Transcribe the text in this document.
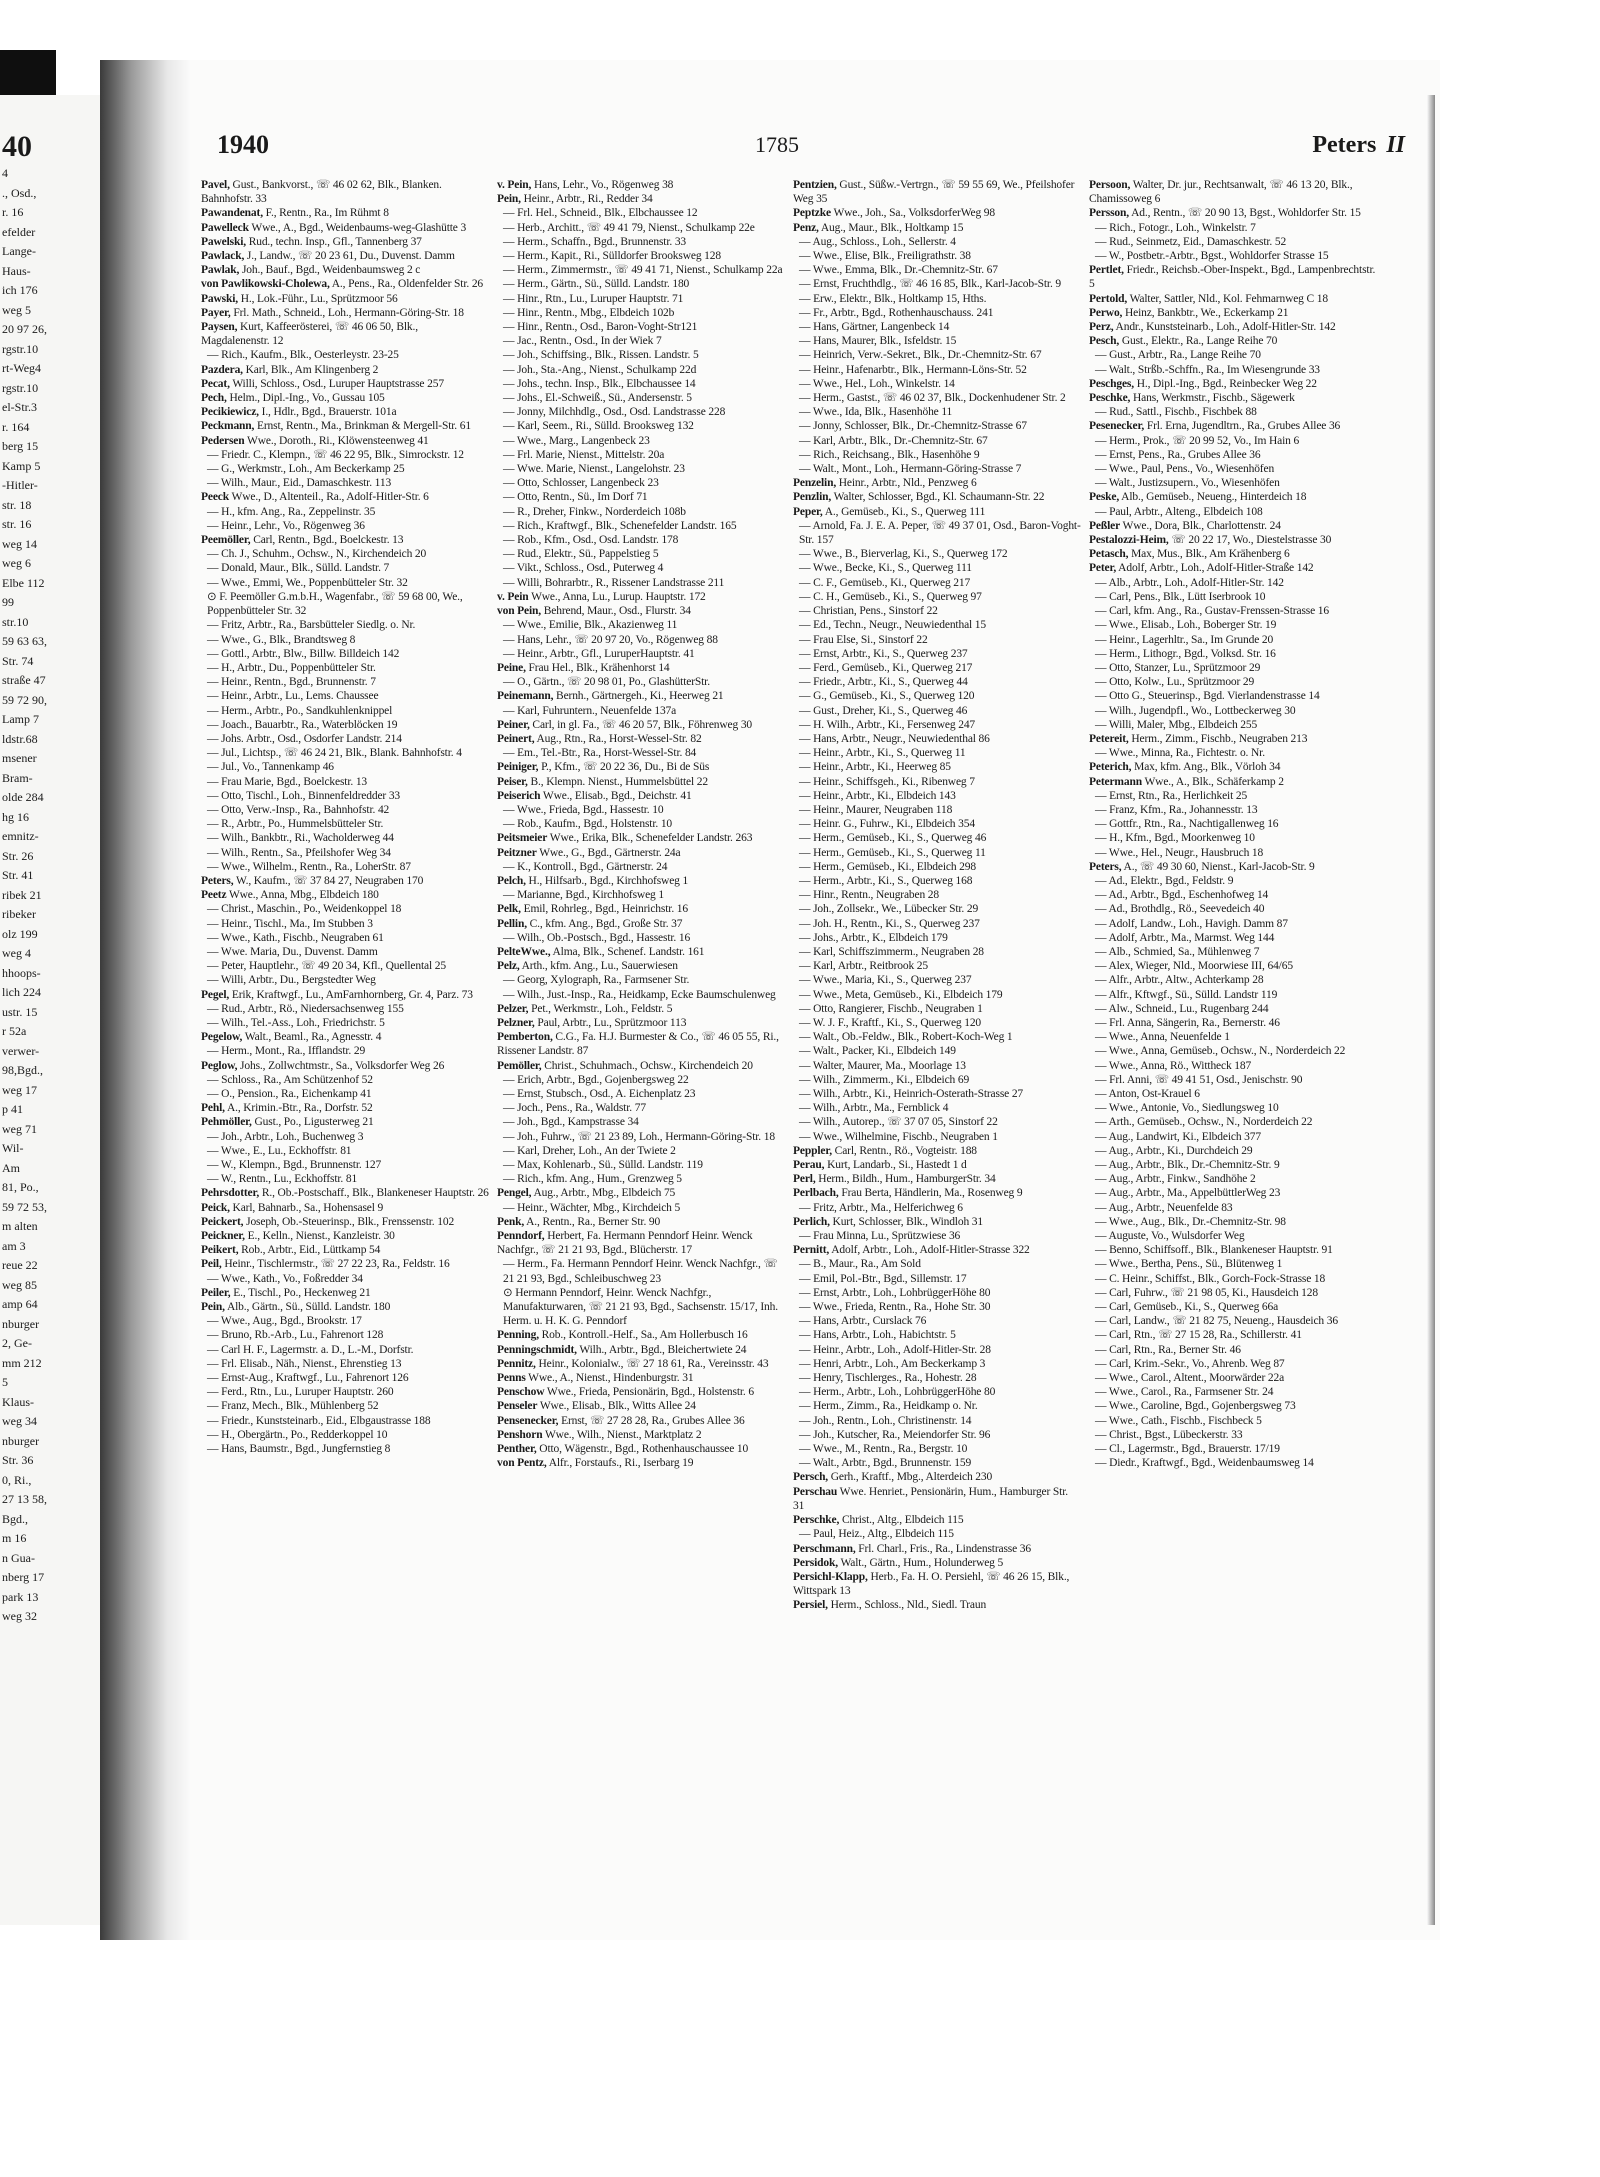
40
4
., Osd.,
r. 16
efelder
Lange-
Haus-
ich 176
weg 5
20 97 26,
rgstr.10
rt-Weg4
rgstr.10
el-Str.3
r. 164
berg 15
Kamp 5
-Hitler-
str. 18
str. 16
weg 14
weg 6
Elbe 112
99
str.10
59 63 63,
Str. 74
straße 47
59 72 90,
Lamp 7
ldstr.68
msener
Bram-
olde 284
hg 16
emnitz-
Str. 26
Str. 41
ribek 21
ribeker
olz 199
weg 4
hhoops-
lich 224
ustr. 15
r 52a
verwer-
98,Bgd.,
weg 17
p 41
weg 71
Wil-
Am
81, Po.,
59 72 53,
m alten
am 3
reue 22
weg 85
amp 64
nburger
2, Ge-
mm 212
5
Klaus-
weg 34
nburger
Str. 36
0, Ri.,
27 13 58,
Bgd.,
m 16
n Gua-
nberg 17
park 13
weg 32
1940	1785	Peters II
Pavel, Gust., Bankvorst., ☏ 46 02 62, Blk., Blanken. Bahnhofstr. 33
Pawandenat, F., Rentn., Ra., Im Rühmt 8
Pawelleck Wwe., A., Bgd., Weidenbaums-weg-Glashütte 3
Pawelski, Rud., techn. Insp., Gfl., Tannenberg 37
Pawlack, J., Landw., ☏ 20 23 61, Du., Duvenst. Damm
Pawlak, Joh., Bauf., Bgd., Weidenbaumsweg 2 c
von Pawlikowski-Cholewa, A., Pens., Ra., Oldenfelder Str. 26
Pawski, H., Lok.-Führ., Lu., Sprützmoor 56
Payer, Frl. Math., Schneid., Loh., Hermann-Göring-Str. 18
Paysen, Kurt, Kaffeerösterei, ☏ 46 06 50, Blk., Magdalenenstr. 12
— Rich., Kaufm., Blk., Oesterleystr. 23-25
Pazdera, Karl, Blk., Am Klingenberg 2
Pecat, Willi, Schloss., Osd., Luruper Hauptstrasse 257
Pech, Helm., Dipl.-Ing., Vo., Gussau 105
Pecikiewicz, I., Hdlr., Bgd., Brauerstr. 101a
Peckmann, Ernst, Rentn., Ma., Brinkman & Mergell-Str. 61
Pedersen Wwe., Doroth., Ri., Klöwensteenweg 41
— Friedr. C., Klempn., ☏ 46 22 95, Blk., Simrockstr. 12
— G., Werkmstr., Loh., Am Beckerkamp 25
— Wilh., Maur., Eid., Damaschkestr. 113
Peeck Wwe., D., Altenteil., Ra., Adolf-Hitler-Str. 6
— H., kfm. Ang., Ra., Zeppelinstr. 35
— Heinr., Lehr., Vo., Rögenweg 36
Peemöller, Carl, Rentn., Bgd., Boelckestr. 13
— Ch. J., Schuhm., Ochsw., N., Kirchendeich 20
— Donald, Maur., Blk., Sülld. Landstr. 7
— Wwe., Emmi, We., Poppenbütteler Str. 32
⊙ F. Peemöller G.m.b.H., Wagenfabr., ☏ 59 68 00, We., Poppenbütteler Str. 32
— Fritz, Arbtr., Ra., Barsbütteler Siedlg. o. Nr.
— Wwe., G., Blk., Brandtsweg 8
— Gottl., Arbtr., Blw., Billw. Billdeich 142
— H., Arbtr., Du., Poppenbütteler Str.
— Heinr., Rentn., Bgd., Brunnenstr. 7
— Heinr., Arbtr., Lu., Lems. Chaussee
— Herm., Arbtr., Po., Sandkuhlenknippel
— Joach., Bauarbtr., Ra., Waterblöcken 19
— Johs. Arbtr., Osd., Osdorfer Landstr. 214
— Jul., Lichtsp., ☏ 46 24 21, Blk., Blank. Bahnhofstr. 4
— Jul., Vo., Tannenkamp 46
— Frau Marie, Bgd., Boelckestr. 13
— Otto, Tischl., Loh., Binnenfeldredder 33
— Otto, Verw.-Insp., Ra., Bahnhofstr. 42
— R., Arbtr., Po., Hummelsbütteler Str.
— Wilh., Bankbtr., Ri., Wacholderweg 44
— Wilh., Rentn., Sa., Pfeilshofer Weg 34
— Wwe., Wilhelm., Rentn., Ra., LoherStr. 87
Peters, W., Kaufm., ☏ 37 84 27, Neugraben 170
Peetz Wwe., Anna, Mbg., Elbdeich 180
— Christ., Maschin., Po., Weidenkoppel 18
— Heinr., Tischl., Ma., Im Stubben 3
— Wwe., Kath., Fischb., Neugraben 61
— Wwe. Maria, Du., Duvenst. Damm
— Peter, Hauptlehr., ☏ 49 20 34, Kfl., Quellental 25
— Willi, Arbtr., Du., Bergstedter Weg
Pegel, Erik, Kraftwgf., Lu., AmFarnhornberg, Gr. 4, Parz. 73
— Rud., Arbtr., Rö., Niedersachsenweg 155
— Wilh., Tel.-Ass., Loh., Friedrichstr. 5
Pegelow, Walt., Beaml., Ra., Agnesstr. 4
— Herm., Mont., Ra., Ifflandstr. 29
Peglow, Johs., Zollwchtmstr., Sa., Volksdorfer Weg 26
— Schloss., Ra., Am Schützenhof 52
— O., Pension., Ra., Eichenkamp 41
Pehl, A., Krimin.-Btr., Ra., Dorfstr. 52
Pehmöller, Gust., Po., Ligusterweg 21
— Joh., Arbtr., Loh., Buchenweg 3
— Wwe., E., Lu., Eckhoffstr. 81
— W., Klempn., Bgd., Brunnenstr. 127
— W., Rentn., Lu., Eckhoffstr. 81
Pehrsdotter, R., Ob.-Postschaff., Blk., Blankeneser Hauptstr. 26
Peick, Karl, Bahnarb., Sa., Hohensasel 9
Peickert, Joseph, Ob.-Steuerinsp., Blk., Frenssenstr. 102
Peickner, E., Kelln., Nienst., Kanzleistr. 30
Peikert, Rob., Arbtr., Eid., Lüttkamp 54
Peil, Heinr., Tischlermstr., ☏ 27 22 23, Ra., Feldstr. 16
— Wwe., Kath., Vo., Foßredder 34
Peiler, E., Tischl., Po., Heckenweg 21
Pein, Alb., Gärtn., Sü., Sülld. Landstr. 180
— Wwe., Aug., Bgd., Brookstr. 17
— Bruno, Rb.-Arb., Lu., Fahrenort 128
— Carl H. F., Lagermstr. a. D., L.-M., Dorfstr.
— Frl. Elisab., Näh., Nienst., Ehrenstieg 13
— Ernst-Aug., Kraftwgf., Lu., Fahrenort 126
— Ferd., Rtn., Lu., Luruper Hauptstr. 260
— Franz, Mech., Blk., Mühlenberg 52
— Friedr., Kunststeinarb., Eid., Elbgaustrasse 188
— H., Obergärtn., Po., Redderkoppel 10
— Hans, Baumstr., Bgd., Jungfernstieg 8
v. Pein, Hans, Lehr., Vo., Rögenweg 38
Pein, Heinr., Arbtr., Ri., Redder 34
— Frl. Hel., Schneid., Blk., Elbchaussee 12
— Herb., Architt., ☏ 49 41 79, Nienst., Schulkamp 22e
— Herm., Schaffn., Bgd., Brunnenstr. 33
— Herm., Kapit., Ri., Sülldorfer Brooksweg 128
— Herm., Zimmermstr., ☏ 49 41 71, Nienst., Schulkamp 22a
— Herm., Gärtn., Sü., Sülld. Landstr. 180
— Hinr., Rtn., Lu., Luruper Hauptstr. 71
— Hinr., Rentn., Mbg., Elbdeich 102b
— Hinr., Rentn., Osd., Baron-Voght-Str121
— Jac., Rentn., Osd., In der Wiek 7
— Joh., Schiffsing., Blk., Rissen. Landstr. 5
— Joh., Sta.-Ang., Nienst., Schulkamp 22d
— Johs., techn. Insp., Blk., Elbchaussee 14
— Johs., El.-Schweiß., Sü., Andersenstr. 5
— Jonny, Milchhdlg., Osd., Osd. Landstrasse 228
— Karl, Seem., Ri., Sülld. Brooksweg 132
— Wwe., Marg., Langenbeck 23
— Frl. Marie, Nienst., Mittelstr. 20a
— Wwe. Marie, Nienst., Langelohstr. 23
— Otto, Schlosser, Langenbeck 23
— Otto, Rentn., Sü., Im Dorf 71
— R., Dreher, Finkw., Norderdeich 108b
— Rich., Kraftwgf., Blk., Schenefelder Landstr. 165
— Rob., Kfm., Osd., Osd. Landstr. 178
— Rud., Elektr., Sü., Pappelstieg 5
— Vikt., Schloss., Osd., Puterweg 4
— Willi, Bohrarbtr., R., Rissener Landstrasse 211
v. Pein Wwe., Anna, Lu., Lurup. Hauptstr. 172
von Pein, Behrend, Maur., Osd., Flurstr. 34
— Wwe., Emilie, Blk., Akazienweg 11
— Hans, Lehr., ☏ 20 97 20, Vo., Rögenweg 88
— Heinr., Arbtr., Gfl., LuruperHauptstr. 41
Peine, Frau Hel., Blk., Krähenhorst 14
— O., Gärtn., ☏ 20 98 01, Po., GlashütterStr.
Peinemann, Bernh., Gärtnergeh., Ki., Heerweg 21
— Karl, Fuhruntern., Neuenfelde 137a
Peiner, Carl, in gl. Fa., ☏ 46 20 57, Blk., Föhrenweg 30
Peinert, Aug., Rtn., Ra., Horst-Wessel-Str. 82
— Em., Tel.-Btr., Ra., Horst-Wessel-Str. 84
Peiniger, P., Kfm., ☏ 20 22 36, Du., Bi de Süs
Peiser, B., Klempn. Nienst., Hummelsbüttel 22
Peiserich Wwe., Elisab., Bgd., Deichstr. 41
— Wwe., Frieda, Bgd., Hassestr. 10
— Rob., Kaufm., Bgd., Holstenstr. 10
Peitsmeier Wwe., Erika, Blk., Schenefelder Landstr. 263
Peitzner Wwe., G., Bgd., Gärtnerstr. 24a
— K., Kontroll., Bgd., Gärtnerstr. 24
Pelch, H., Hilfsarb., Bgd., Kirchhofsweg 1
— Marianne, Bgd., Kirchhofsweg 1
Pelk, Emil, Rohrleg., Bgd., Heinrichstr. 16
Pellin, C., kfm. Ang., Bgd., Große Str. 37
— Wilh., Ob.-Postsch., Bgd., Hassestr. 16
PelteWwe., Alma, Blk., Schenef. Landstr. 161
Pelz, Arth., kfm. Ang., Lu., Sauerwiesen
— Georg, Xylograph, Ra., Farmsener Str.
— Wilh., Just.-Insp., Ra., Heidkamp, Ecke Baumschulenweg
Pelzer, Pet., Werkmstr., Loh., Feldstr. 5
Pelzner, Paul, Arbtr., Lu., Sprützmoor 113
Pemberton, C.G., Fa. H.J. Burmester & Co., ☏ 46 05 55, Ri., Rissener Landstr. 87
Pemöller, Christ., Schuhmach., Ochsw., Kirchendeich 20
— Erich, Arbtr., Bgd., Gojenbergsweg 22
— Ernst, Stubsch., Osd., A. Eichenplatz 23
— Joch., Pens., Ra., Waldstr. 77
— Joh., Bgd., Kampstrasse 34
— Joh., Fuhrw., ☏ 21 23 89, Loh., Hermann-Göring-Str. 18
— Karl, Dreher, Loh., An der Twiete 2
— Max, Kohlenarb., Sü., Sülld. Landstr. 119
— Rich., kfm. Ang., Hum., Grenzweg 5
Pengel, Aug., Arbtr., Mbg., Elbdeich 75
— Heinr., Wächter, Mbg., Kirchdeich 5
Penk, A., Rentn., Ra., Berner Str. 90
Penndorf, Herbert, Fa. Hermann Penndorf Heinr. Wenck Nachfgr., ☏ 21 21 93, Bgd., Blücherstr. 17
— Herm., Fa. Hermann Penndorf Heinr. Wenck Nachfgr., ☏ 21 21 93, Bgd., Schleibuschweg 23
⊙ Hermann Penndorf, Heinr. Wenck Nachfgr., Manufakturwaren, ☏ 21 21 93, Bgd., Sachsenstr. 15/17, Inh. Herm. u. H. K. G. Penndorf
Penning, Rob., Kontroll.-Helf., Sa., Am Hollerbusch 16
Penningschmidt, Wilh., Arbtr., Bgd., Bleichertwiete 24
Pennitz, Heinr., Kolonialw., ☏ 27 18 61, Ra., Vereinsstr. 43
Penns Wwe., A., Nienst., Hindenburgstr. 31
Penschow Wwe., Frieda, Pensionärin, Bgd., Holstenstr. 6
Penseler Wwe., Elisab., Blk., Witts Allee 24
Pensenecker, Ernst, ☏ 27 28 28, Ra., Grubes Allee 36
Penshorn Wwe., Wilh., Nienst., Marktplatz 2
Penther, Otto, Wägenstr., Bgd., Rothenhauschaussee 10
von Pentz, Alfr., Forstaufs., Ri., Iserbarg 19
Pentzien, Gust., Süßw.-Vertrgn., ☏ 59 55 69, We., Pfeilshofer Weg 35
Peptzke Wwe., Joh., Sa., VolksdorferWeg 98
Penz, Aug., Maur., Blk., Holtkamp 15
— Aug., Schloss., Loh., Sellerstr. 4
— Wwe., Elise, Blk., Freiligrathstr. 38
— Wwe., Emma, Blk., Dr.-Chemnitz-Str. 67
— Ernst, Fruchthdlg., ☏ 46 16 85, Blk., Karl-Jacob-Str. 9
— Erw., Elektr., Blk., Holtkamp 15, Hths.
— Fr., Arbtr., Bgd., Rothenhauschauss. 241
— Hans, Gärtner, Langenbeck 14
— Hans, Maurer, Blk., Isfeldstr. 15
— Heinrich, Verw.-Sekret., Blk., Dr.-Chemnitz-Str. 67
— Heinr., Hafenarbtr., Blk., Hermann-Löns-Str. 52
— Wwe., Hel., Loh., Winkelstr. 14
— Herm., Gastst., ☏ 46 02 37, Blk., Dockenhudener Str. 2
— Wwe., Ida, Blk., Hasenhöhe 11
— Jonny, Schlosser, Blk., Dr.-Chemnitz-Strasse 67
— Karl, Arbtr., Blk., Dr.-Chemnitz-Str. 67
— Rich., Reichsang., Blk., Hasenhöhe 9
— Walt., Mont., Loh., Hermann-Göring-Strasse 7
Penzelin, Heinr., Arbtr., Nld., Penzweg 6
Penzlin, Walter, Schlosser, Bgd., Kl. Schaumann-Str. 22
Peper, A., Gemüseb., Ki., S., Querweg 111
— Arnold, Fa. J. E. A. Peper, ☏ 49 37 01, Osd., Baron-Voght-Str. 157
— Wwe., B., Bierverlag, Ki., S., Querweg 172
— Wwe., Becke, Ki., S., Querweg 111
— C. F., Gemüseb., Ki., Querweg 217
— C. H., Gemüseb., Ki., S., Querweg 97
— Christian, Pens., Sinstorf 22
— Ed., Techn., Neugr., Neuwiedenthal 15
— Frau Else, Si., Sinstorf 22
— Ernst, Arbtr., Ki., S., Querweg 237
— Ferd., Gemüseb., Ki., Querweg 217
— Friedr., Arbtr., Ki., S., Querweg 44
— G., Gemüseb., Ki., S., Querweg 120
— Gust., Dreher, Ki., S., Querweg 46
— H. Wilh., Arbtr., Ki., Fersenweg 247
— Hans, Arbtr., Neugr., Neuwiedenthal 86
— Heinr., Arbtr., Ki., S., Querweg 11
— Heinr., Arbtr., Ki., Heerweg 85
— Heinr., Schiffsgeh., Ki., Ribenweg 7
— Heinr., Arbtr., Ki., Elbdeich 143
— Heinr., Maurer, Neugraben 118
— Heinr. G., Fuhrw., Ki., Elbdeich 354
— Herm., Gemüseb., Ki., S., Querweg 46
— Herm., Gemüseb., Ki., S., Querweg 11
— Herm., Gemüseb., Ki., Elbdeich 298
— Herm., Arbtr., Ki., S., Querweg 168
— Hinr., Rentn., Neugraben 28
— Joh., Zollsekr., We., Lübecker Str. 29
— Joh. H., Rentn., Ki., S., Querweg 237
— Johs., Arbtr., K., Elbdeich 179
— Karl, Schiffszimmerm., Neugraben 28
— Karl, Arbtr., Reitbrook 25
— Wwe., Maria, Ki., S., Querweg 237
— Wwe., Meta, Gemüseb., Ki., Elbdeich 179
— Otto, Rangierer, Fischb., Neugraben 1
— W. J. F., Kraftf., Ki., S., Querweg 120
— Walt., Ob.-Feldw., Blk., Robert-Koch-Weg 1
— Walt., Packer, Ki., Elbdeich 149
— Walter, Maurer, Ma., Moorlage 13
— Wilh., Zimmerm., Ki., Elbdeich 69
— Wilh., Arbtr., Ki., Heinrich-Osterath-Strasse 27
— Wilh., Arbtr., Ma., Fernblick 4
— Wilh., Autorep., ☏ 37 07 05, Sinstorf 22
— Wwe., Wilhelmine, Fischb., Neugraben 1
Peppler, Carl, Rentn., Rö., Vogteistr. 188
Perau, Kurt, Landarb., Si., Hastedt 1 d
Perl, Herm., Bildh., Hum., HamburgerStr. 34
Perlbach, Frau Berta, Händlerin, Ma., Rosenweg 9
— Fritz, Arbtr., Ma., Helferichweg 6
Perlich, Kurt, Schlosser, Blk., Windloh 31
— Frau Minna, Lu., Sprützwiese 36
Pernitt, Adolf, Arbtr., Loh., Adolf-Hitler-Strasse 322
— B., Maur., Ra., Am Sold
— Emil, Pol.-Btr., Bgd., Sillemstr. 17
— Ernst, Arbtr., Loh., LohbrüggerHöhe 80
— Wwe., Frieda, Rentn., Ra., Hohe Str. 30
— Hans, Arbtr., Curslack 76
— Hans, Arbtr., Loh., Habichtstr. 5
— Heinr., Arbtr., Loh., Adolf-Hitler-Str. 28
— Henri, Arbtr., Loh., Am Beckerkamp 3
— Henry, Tischlerges., Ra., Hohestr. 28
— Herm., Arbtr., Loh., LohbrüggerHöhe 80
— Herm., Zimm., Ra., Heidkamp o. Nr.
— Joh., Rentn., Loh., Christinenstr. 14
— Joh., Kutscher, Ra., Meiendorfer Str. 96
— Wwe., M., Rentn., Ra., Bergstr. 10
— Walt., Arbtr., Bgd., Brunnenstr. 159
Persch, Gerh., Kraftf., Mbg., Alterdeich 230
Perschau Wwe. Henriet., Pensionärin, Hum., Hamburger Str. 31
Perschke, Christ., Altg., Elbdeich 115
— Paul, Heiz., Altg., Elbdeich 115
Perschmann, Frl. Charl., Fris., Ra., Lindenstrasse 36
Persidok, Walt., Gärtn., Hum., Holunderweg 5
Persichl-Klapp, Herb., Fa. H. O. Persiehl, ☏ 46 26 15, Blk., Wittspark 13
Persiel, Herm., Schloss., Nld., Siedl. Traun
Persoon, Walter, Dr. jur., Rechtsanwalt, ☏ 46 13 20, Blk., Chamissoweg 6
Persson, Ad., Rentn., ☏ 20 90 13, Bgst., Wohldorfer Str. 15
— Rich., Fotogr., Loh., Winkelstr. 7
— Rud., Seinmetz, Eid., Damaschkestr. 52
— W., Postbetr.-Arbtr., Bgst., Wohldorfer Strasse 15
Pertlet, Friedr., Reichsb.-Ober-Inspekt., Bgd., Lampenbrechtstr. 5
Pertold, Walter, Sattler, Nld., Kol. Fehmarnweg C 18
Perwo, Heinz, Bankbtr., We., Eckerkamp 21
Perz, Andr., Kunststeinarb., Loh., Adolf-Hitler-Str. 142
Pesch, Gust., Elektr., Ra., Lange Reihe 70
— Gust., Arbtr., Ra., Lange Reihe 70
— Walt., Strßb.-Schffn., Ra., Im Wiesengrunde 33
Peschges, H., Dipl.-Ing., Bgd., Reinbecker Weg 22
Peschke, Hans, Werkmstr., Fischb., Sägewerk
— Rud., Sattl., Fischb., Fischbek 88
Pesenecker, Frl. Erna, Jugendltrn., Ra., Grubes Allee 36
— Herm., Prok., ☏ 20 99 52, Vo., Im Hain 6
— Ernst, Pens., Ra., Grubes Allee 36
— Wwe., Paul, Pens., Vo., Wiesenhöfen
— Walt., Justizsupern., Vo., Wiesenhöfen
Peske, Alb., Gemüseb., Neueng., Hinterdeich 18
— Paul, Arbtr., Alteng., Elbdeich 108
Peßler Wwe., Dora, Blk., Charlottenstr. 24
Pestalozzi-Heim, ☏ 20 22 17, Wo., Diestelstrasse 30
Petasch, Max, Mus., Blk., Am Krähenberg 6
Peter, Adolf, Arbtr., Loh., Adolf-Hitler-Straße 142
— Alb., Arbtr., Loh., Adolf-Hitler-Str. 142
— Carl, Pens., Blk., Lütt Iserbrook 10
— Carl, kfm. Ang., Ra., Gustav-Frenssen-Strasse 16
— Wwe., Elisab., Loh., Boberger Str. 19
— Heinr., Lagerhltr., Sa., Im Grunde 20
— Herm., Lithogr., Bgd., Volksd. Str. 16
— Otto, Stanzer, Lu., Sprützmoor 29
— Otto, Kolw., Lu., Sprützmoor 29
— Otto G., Steuerinsp., Bgd. Vierlandenstrasse 14
— Wilh., Jugendpfl., Wo., Lottbeckerweg 30
— Willi, Maler, Mbg., Elbdeich 255
Petereit, Herm., Zimm., Fischb., Neugraben 213
— Wwe., Minna, Ra., Fichtestr. o. Nr.
Peterich, Max, kfm. Ang., Blk., Vörloh 34
Petermann Wwe., A., Blk., Schäferkamp 2
— Ernst, Rtn., Ra., Herlichkeit 25
— Franz, Kfm., Ra., Johannesstr. 13
— Gottfr., Rtn., Ra., Nachtigallenweg 16
— H., Kfm., Bgd., Moorkenweg 10
— Wwe., Hel., Neugr., Hausbruch 18
Peters, A., ☏ 49 30 60, Nienst., Karl-Jacob-Str. 9
— Ad., Elektr., Bgd., Feldstr. 9
— Ad., Arbtr., Bgd., Eschenhofweg 14
— Ad., Brothdlg., Rö., Seevedeich 40
— Adolf, Landw., Loh., Havigh. Damm 87
— Adolf, Arbtr., Ma., Marmst. Weg 144
— Alb., Schmied, Sa., Mühlenweg 7
— Alex, Wieger, Nld., Moorwiese III, 64/65
— Alfr., Arbtr., Altw., Achterkamp 28
— Alfr., Kftwgf., Sü., Sülld. Landstr 119
— Alw., Schneid., Lu., Rugenbarg 244
— Frl. Anna, Sängerin, Ra., Bernerstr. 46
— Wwe., Anna, Neuenfelde 1
— Wwe., Anna, Gemüseb., Ochsw., N., Norderdeich 22
— Wwe., Anna, Rö., Wittheck 187
— Frl. Anni, ☏ 49 41 51, Osd., Jenischstr. 90
— Anton, Ost-Krauel 6
— Wwe., Antonie, Vo., Siedlungsweg 10
— Arth., Gemüseb., Ochsw., N., Norderdeich 22
— Aug., Landwirt, Ki., Elbdeich 377
— Aug., Arbtr., Ki., Durchdeich 29
— Aug., Arbtr., Blk., Dr.-Chemnitz-Str. 9
— Aug., Arbtr., Finkw., Sandhöhe 2
— Aug., Arbtr., Ma., AppelbüttlerWeg 23
— Aug., Arbtr., Neuenfelde 83
— Wwe., Aug., Blk., Dr.-Chemnitz-Str. 98
— Auguste, Vo., Wulsdorfer Weg
— Benno, Schiffsoff., Blk., Blankeneser Hauptstr. 91
— Wwe., Bertha, Pens., Sü., Blütenweg 1
— C. Heinr., Schiffst., Blk., Gorch-Fock-Strasse 18
— Carl, Fuhrw., ☏ 21 98 05, Ki., Hausdeich 128
— Carl, Gemüseb., Ki., S., Querweg 66a
— Carl, Landw., ☏ 21 82 75, Neueng., Hausdeich 36
— Carl, Rtn., ☏ 27 15 28, Ra., Schillerstr. 41
— Carl, Rtn., Ra., Berner Str. 46
— Carl, Krim.-Sekr., Vo., Ahrenb. Weg 87
— Wwe., Carol., Altent., Moorwärder 22a
— Wwe., Carol., Ra., Farmsener Str. 24
— Wwe., Caroline, Bgd., Gojenbergsweg 73
— Wwe., Cath., Fischb., Fischbeck 5
— Christ., Bgst., Lübeckerstr. 33
— Cl., Lagermstr., Bgd., Brauerstr. 17/19
— Diedr., Kraftwgf., Bgd., Weidenbaumsweg 14
